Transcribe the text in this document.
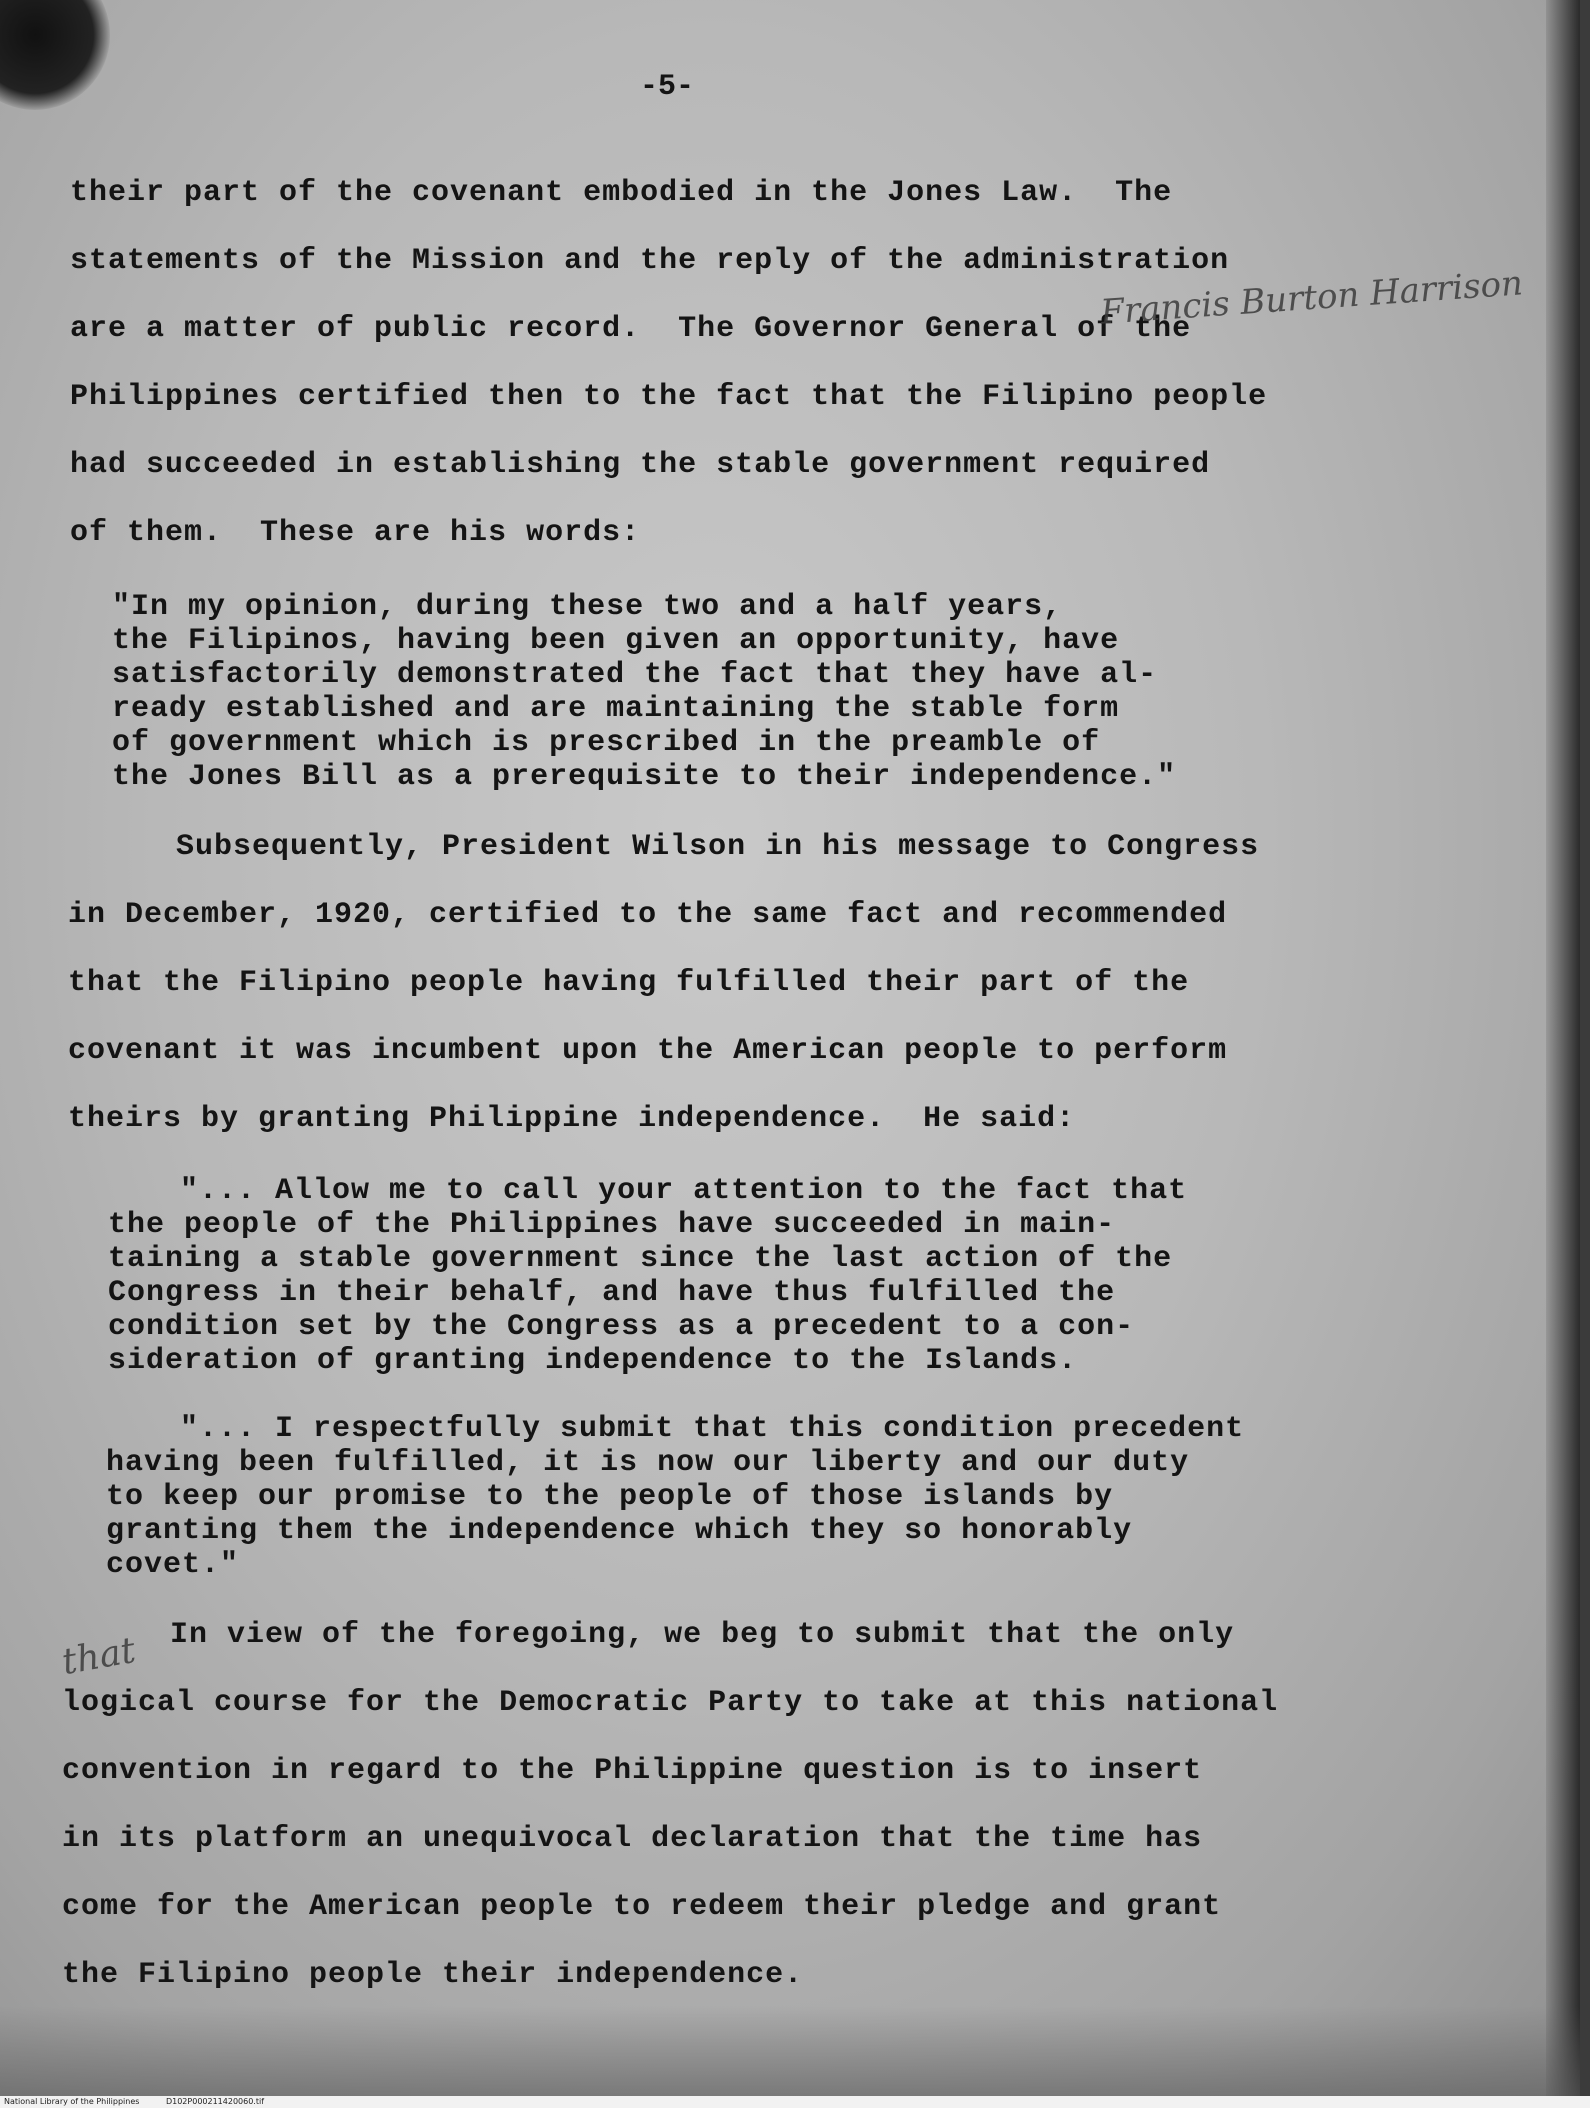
-5-
their part of the covenant embodied in the Jones Law.  The
statements of the Mission and the reply of the administration
are a matter of public record.  The Governor General of the
Philippines certified then to the fact that the Filipino people
had succeeded in establishing the stable government required
of them.  These are his words:
"In my opinion, during these two and a half years,
the Filipinos, having been given an opportunity, have
satisfactorily demonstrated the fact that they have al-
ready established and are maintaining the stable form
of government which is prescribed in the preamble of
the Jones Bill as a prerequisite to their independence."
Subsequently, President Wilson in his message to Congress
in December, 1920, certified to the same fact and recommended
that the Filipino people having fulfilled their part of the
covenant it was incumbent upon the American people to perform
theirs by granting Philippine independence.  He said:
"... Allow me to call your attention to the fact that
the people of the Philippines have succeeded in main-
taining a stable government since the last action of the
Congress in their behalf, and have thus fulfilled the
condition set by the Congress as a precedent to a con-
sideration of granting independence to the Islands.
"... I respectfully submit that this condition precedent
having been fulfilled, it is now our liberty and our duty
to keep our promise to the people of those islands by
granting them the independence which they so honorably
covet."
In view of the foregoing, we beg to submit that the only
logical course for the Democratic Party to take at this national
convention in regard to the Philippine question is to insert
in its platform an unequivocal declaration that the time has
come for the American people to redeem their pledge and grant
the Filipino people their independence.
Francis Burton Harrison
that
National Library of the Philippines	D102P000211420060.tif
